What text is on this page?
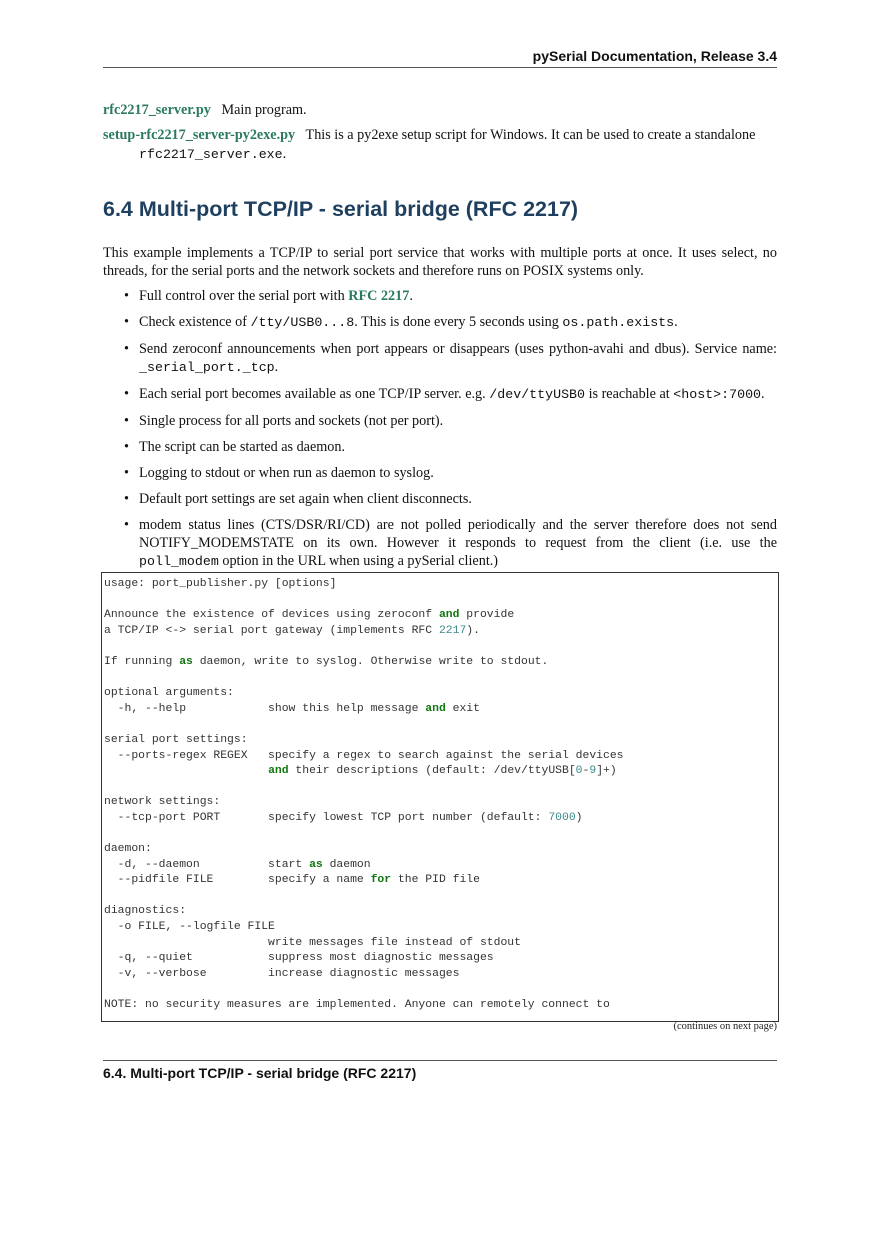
pySerial Documentation, Release 3.4
rfc2217_server.py Main program.
setup-rfc2217_server-py2exe.py This is a py2exe setup script for Windows. It can be used to create a standalone
rfc2217_server.exe.
6.4 Multi-port TCP/IP - serial bridge (RFC 2217)

This example implements a TCP/IP to serial port service that works with multiple ports at once. It uses select, no threads, for the serial ports and the network sockets and therefore runs on POSIX systems only.

• Full control over the serial port with RFC 2217.
• Check existence of /tty/USB0...8. This is done every 5 seconds using os.path.exists.
• Send zeroconf announcements when port appears or disappears (uses python-avahi and dbus). Service name: _serial_port._tcp.
• Each serial port becomes available as one TCP/IP server. e.g. /dev/ttyUSB0 is reachable at <host>:7000.
• Single process for all ports and sockets (not per port).
• The script can be started as daemon.
• Logging to stdout or when run as daemon to syslog.
• Default port settings are set again when client disconnects.
• modem status lines (CTS/DSR/RI/CD) are not polled periodically and the server therefore does not send NOTIFY_MODEMSTATE on its own. However it responds to request from the client (i.e. use the poll_modem option in the URL when using a pySerial client.)
usage: port_publisher.py [options]

Announce the existence of devices using zeroconf and provide
a TCP/IP <-> serial port gateway (implements RFC 2217).

If running as daemon, write to syslog. Otherwise write to stdout.

optional arguments:
-h, --help            show this help message and exit

serial port settings:
--ports-regex REGEX   specify a regex to search against the serial devices
and their descriptions (default: /dev/ttyUSB[0-9]+)

network settings:
--tcp-port PORT       specify lowest TCP port number (default: 7000)

daemon:
-d, --daemon          start as daemon
--pidfile FILE        specify a name for the PID file

diagnostics:
-o FILE, --logfile FILE
write messages file instead of stdout
-q, --quiet           suppress most diagnostic messages
-v, --verbose         increase diagnostic messages

NOTE: no security measures are implemented. Anyone can remotely connect to
(continues on next page)
6.4. Multi-port TCP/IP - serial bridge (RFC 2217)
